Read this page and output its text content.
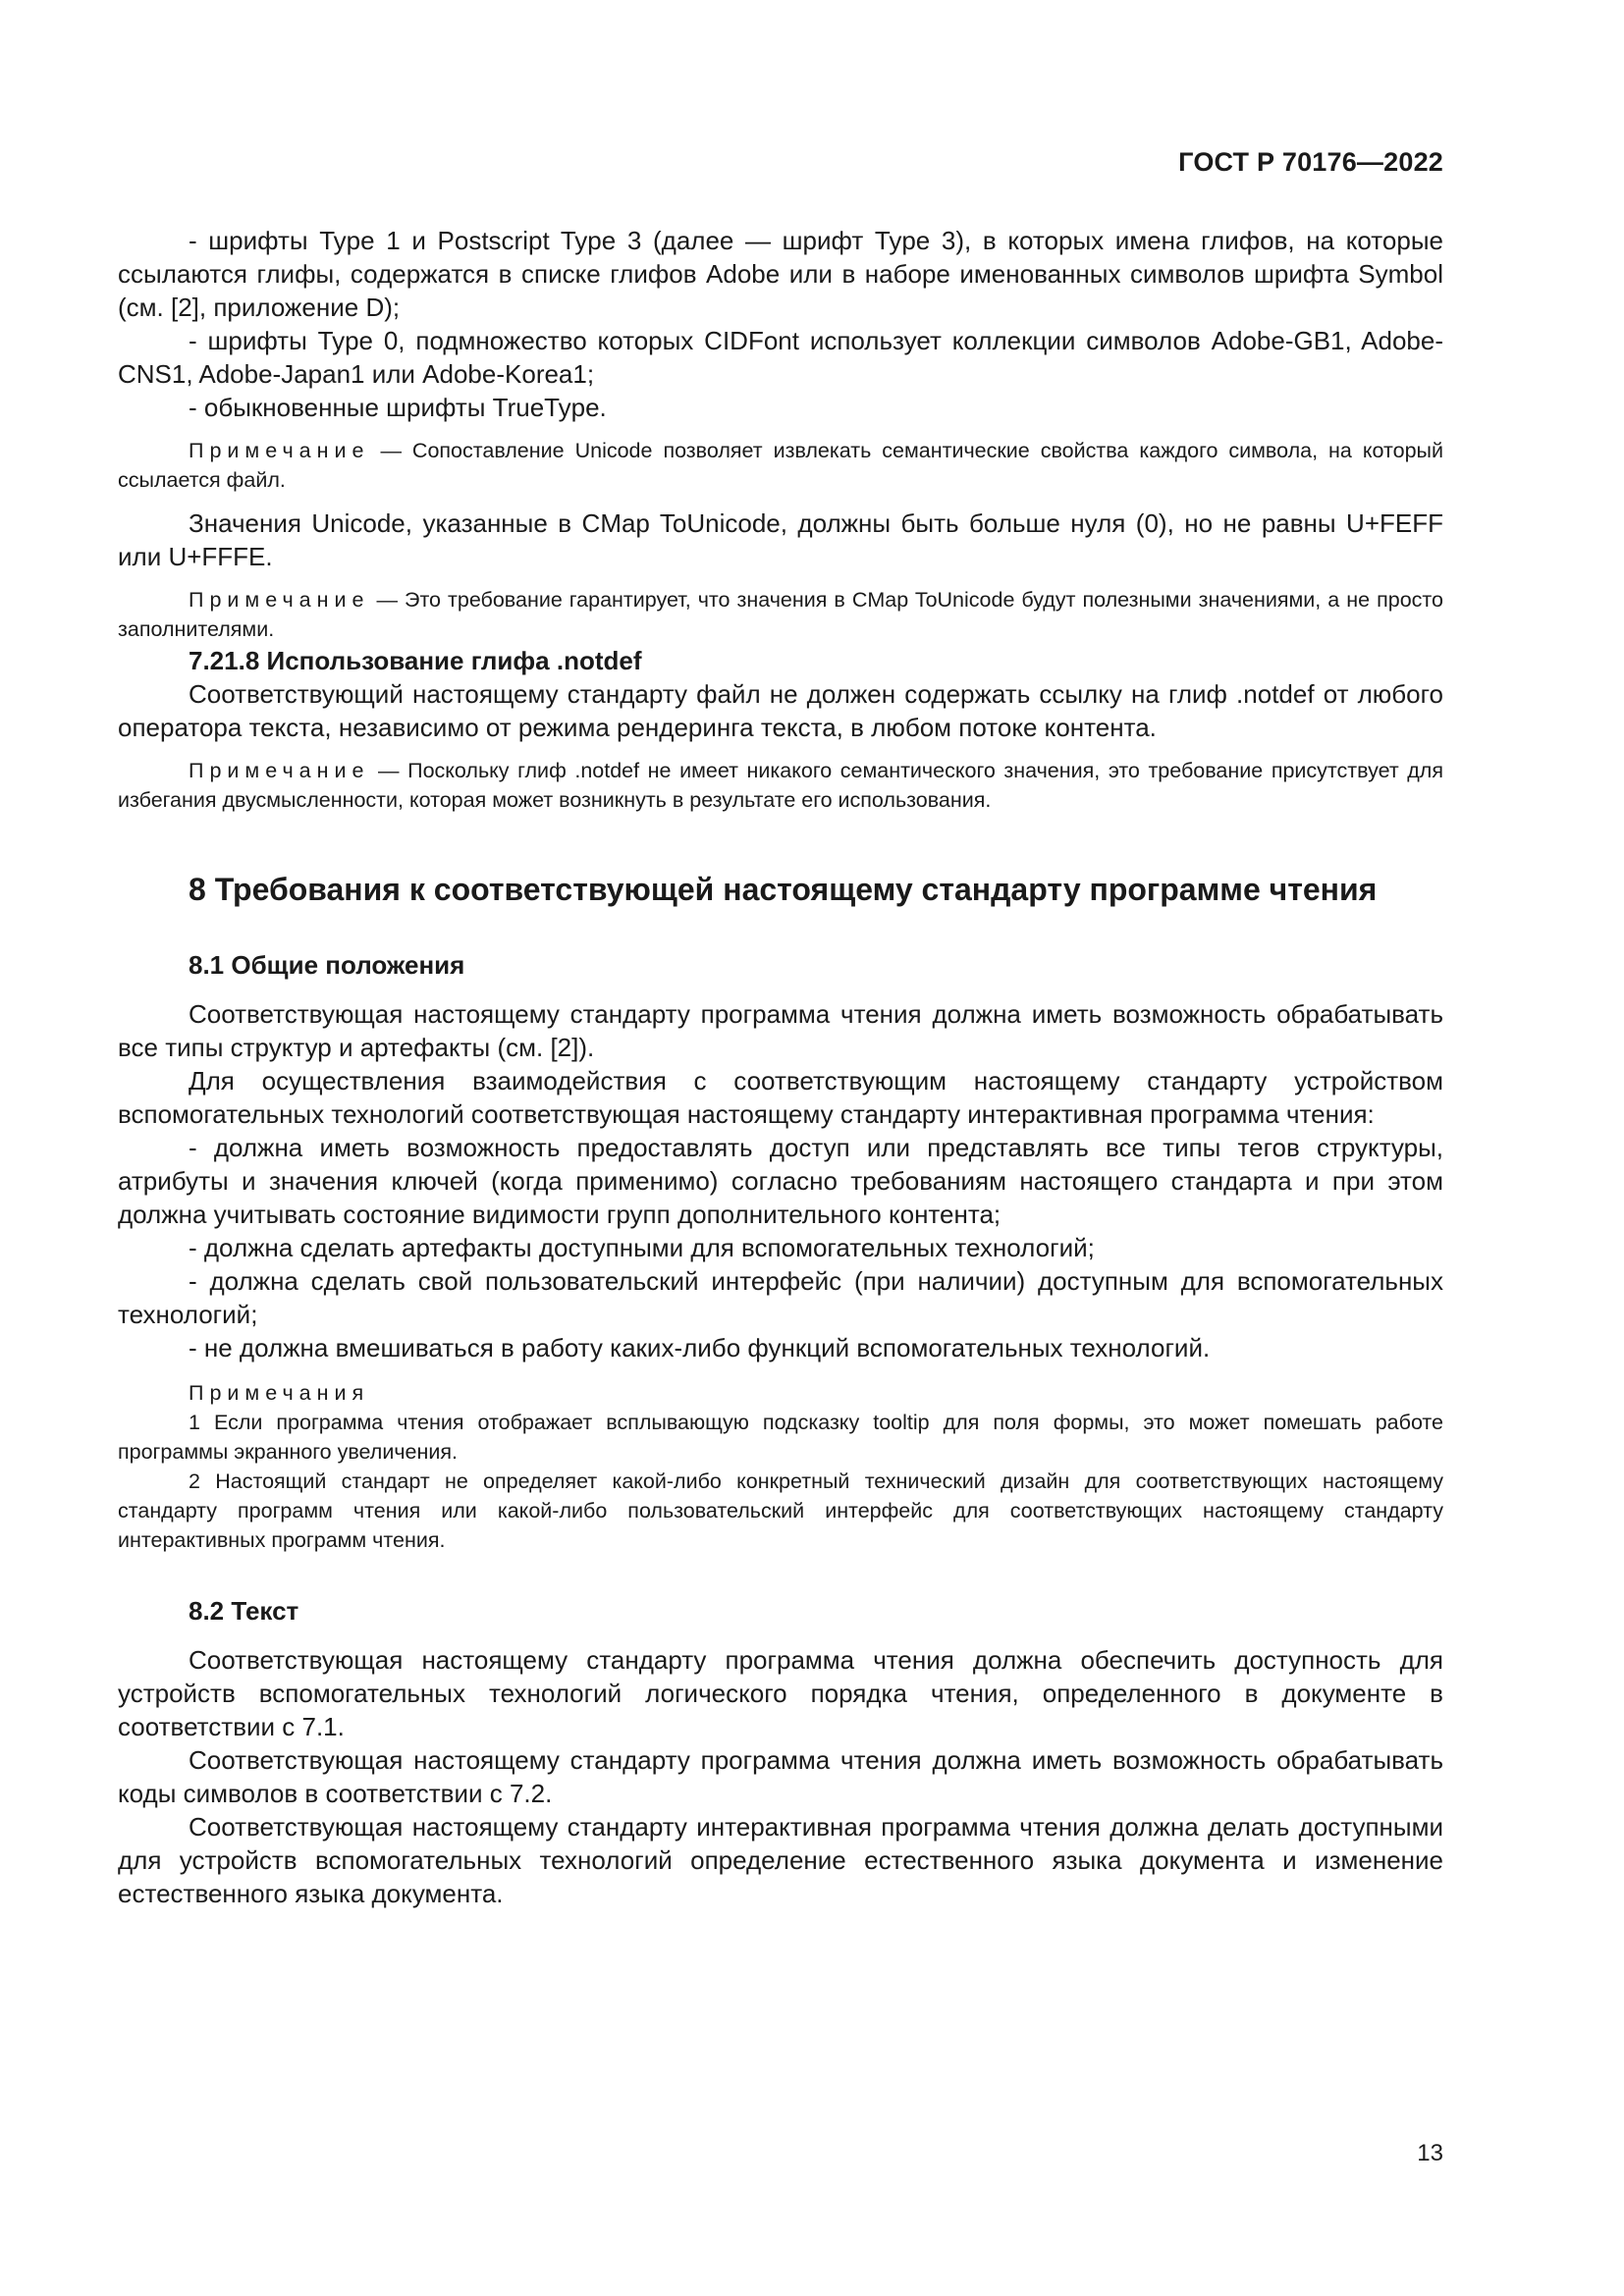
ГОСТ Р 70176—2022

- шрифты Type 1 и Postscript Type 3 (далее — шрифт Type 3), в которых имена глифов, на которые ссылаются глифы, содержатся в списке глифов Adobe или в наборе именованных символов шрифта Symbol (см. [2], приложение D);

- шрифты Type 0, подмножество которых CIDFont использует коллекции символов Adobe-GB1, Adobe-CNS1, Adobe-Japan1 или Adobe-Korea1;

- обыкновенные шрифты TrueType.

Примечание — Сопоставление Unicode позволяет извлекать семантические свойства каждого символа, на который ссылается файл.

Значения Unicode, указанные в CMap ToUnicode, должны быть больше нуля (0), но не равны U+FEFF или U+FFFE.

Примечание — Это требование гарантирует, что значения в CMap ToUnicode будут полезными значениями, а не просто заполнителями.

7.21.8 Использование глифа .notdef

Соответствующий настоящему стандарту файл не должен содержать ссылку на глиф .notdef от любого оператора текста, независимо от режима рендеринга текста, в любом потоке контента.

Примечание — Поскольку глиф .notdef не имеет никакого семантического значения, это требование присутствует для избегания двусмысленности, которая может возникнуть в результате его использования.

8 Требования к соответствующей настоящему стандарту программе чтения
8.1 Общие положения

Соответствующая настоящему стандарту программа чтения должна иметь возможность обрабатывать все типы структур и артефакты (см. [2]).

Для осуществления взаимодействия с соответствующим настоящему стандарту устройством вспомогательных технологий соответствующая настоящему стандарту интерактивная программа чтения:

- должна иметь возможность предоставлять доступ или представлять все типы тегов структуры, атрибуты и значения ключей (когда применимо) согласно требованиям настоящего стандарта и при этом должна учитывать состояние видимости групп дополнительного контента;

- должна сделать артефакты доступными для вспомогательных технологий;

- должна сделать свой пользовательский интерфейс (при наличии) доступным для вспомогательных технологий;

- не должна вмешиваться в работу каких-либо функций вспомогательных технологий.

Примечания

1 Если программа чтения отображает всплывающую подсказку tooltip для поля формы, это может помешать работе программы экранного увеличения.

2 Настоящий стандарт не определяет какой-либо конкретный технический дизайн для соответствующих настоящему стандарту программ чтения или какой-либо пользовательский интерфейс для соответствующих настоящему стандарту интерактивных программ чтения.

8.2 Текст

Соответствующая настоящему стандарту программа чтения должна обеспечить доступность для устройств вспомогательных технологий логического порядка чтения, определенного в документе в соответствии с 7.1.

Соответствующая настоящему стандарту программа чтения должна иметь возможность обрабатывать коды символов в соответствии с 7.2.

Соответствующая настоящему стандарту интерактивная программа чтения должна делать доступными для устройств вспомогательных технологий определение естественного языка документа и изменение естественного языка документа.

13
